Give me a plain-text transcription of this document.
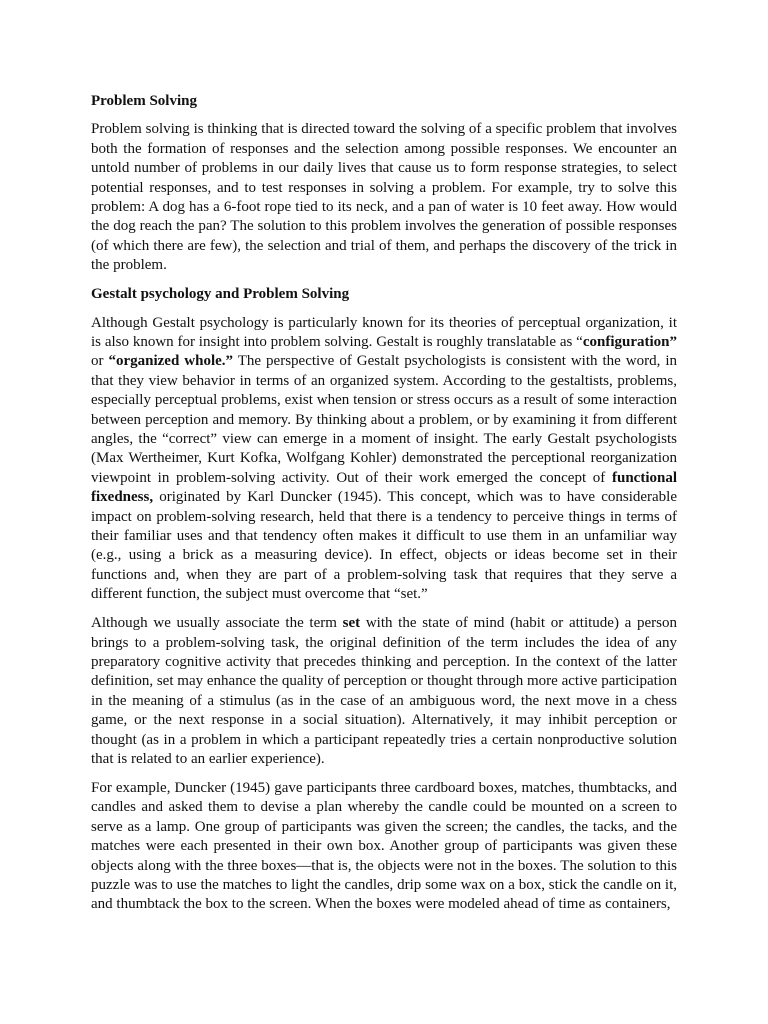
Problem Solving

Problem solving is thinking that is directed toward the solving of a specific problem that involves both the formation of responses and the selection among possible responses. We encounter an untold number of problems in our daily lives that cause us to form response strategies, to select potential responses, and to test responses in solving a problem. For example, try to solve this problem: A dog has a 6-foot rope tied to its neck, and a pan of water is 10 feet away. How would the dog reach the pan? The solution to this problem involves the generation of possible responses (of which there are few), the selection and trial of them, and perhaps the discovery of the trick in the problem.

Gestalt psychology and Problem Solving

Although Gestalt psychology is particularly known for its theories of perceptual organization, it is also known for insight into problem solving. Gestalt is roughly translatable as “configuration” or “organized whole.” The perspective of Gestalt psychologists is consistent with the word, in that they view behavior in terms of an organized system. According to the gestaltists, problems, especially perceptual problems, exist when tension or stress occurs as a result of some interaction between perception and memory. By thinking about a problem, or by examining it from different angles, the “correct” view can emerge in a moment of insight. The early Gestalt psychologists (Max Wertheimer, Kurt Kofka, Wolfgang Kohler) demonstrated the perceptional reorganization viewpoint in problem-solving activity. Out of their work emerged the concept of functional fixedness, originated by Karl Duncker (1945). This concept, which was to have considerable impact on problem-solving research, held that there is a tendency to perceive things in terms of their familiar uses and that tendency often makes it difficult to use them in an unfamiliar way (e.g., using a brick as a measuring device). In effect, objects or ideas become set in their functions and, when they are part of a problem-solving task that requires that they serve a different function, the subject must overcome that “set.”

Although we usually associate the term set with the state of mind (habit or attitude) a person brings to a problem-solving task, the original definition of the term includes the idea of any preparatory cognitive activity that precedes thinking and perception. In the context of the latter definition, set may enhance the quality of perception or thought through more active participation in the meaning of a stimulus (as in the case of an ambiguous word, the next move in a chess game, or the next response in a social situation). Alternatively, it may inhibit perception or thought (as in a problem in which a participant repeatedly tries a certain nonproductive solution that is related to an earlier experience).

For example, Duncker (1945) gave participants three cardboard boxes, matches, thumbtacks, and candles and asked them to devise a plan whereby the candle could be mounted on a screen to serve as a lamp. One group of participants was given the screen; the candles, the tacks, and the matches were each presented in their own box. Another group of participants was given these objects along with the three boxes—that is, the objects were not in the boxes. The solution to this puzzle was to use the matches to light the candles, drip some wax on a box, stick the candle on it, and thumbtack the box to the screen. When the boxes were modeled ahead of time as containers,
